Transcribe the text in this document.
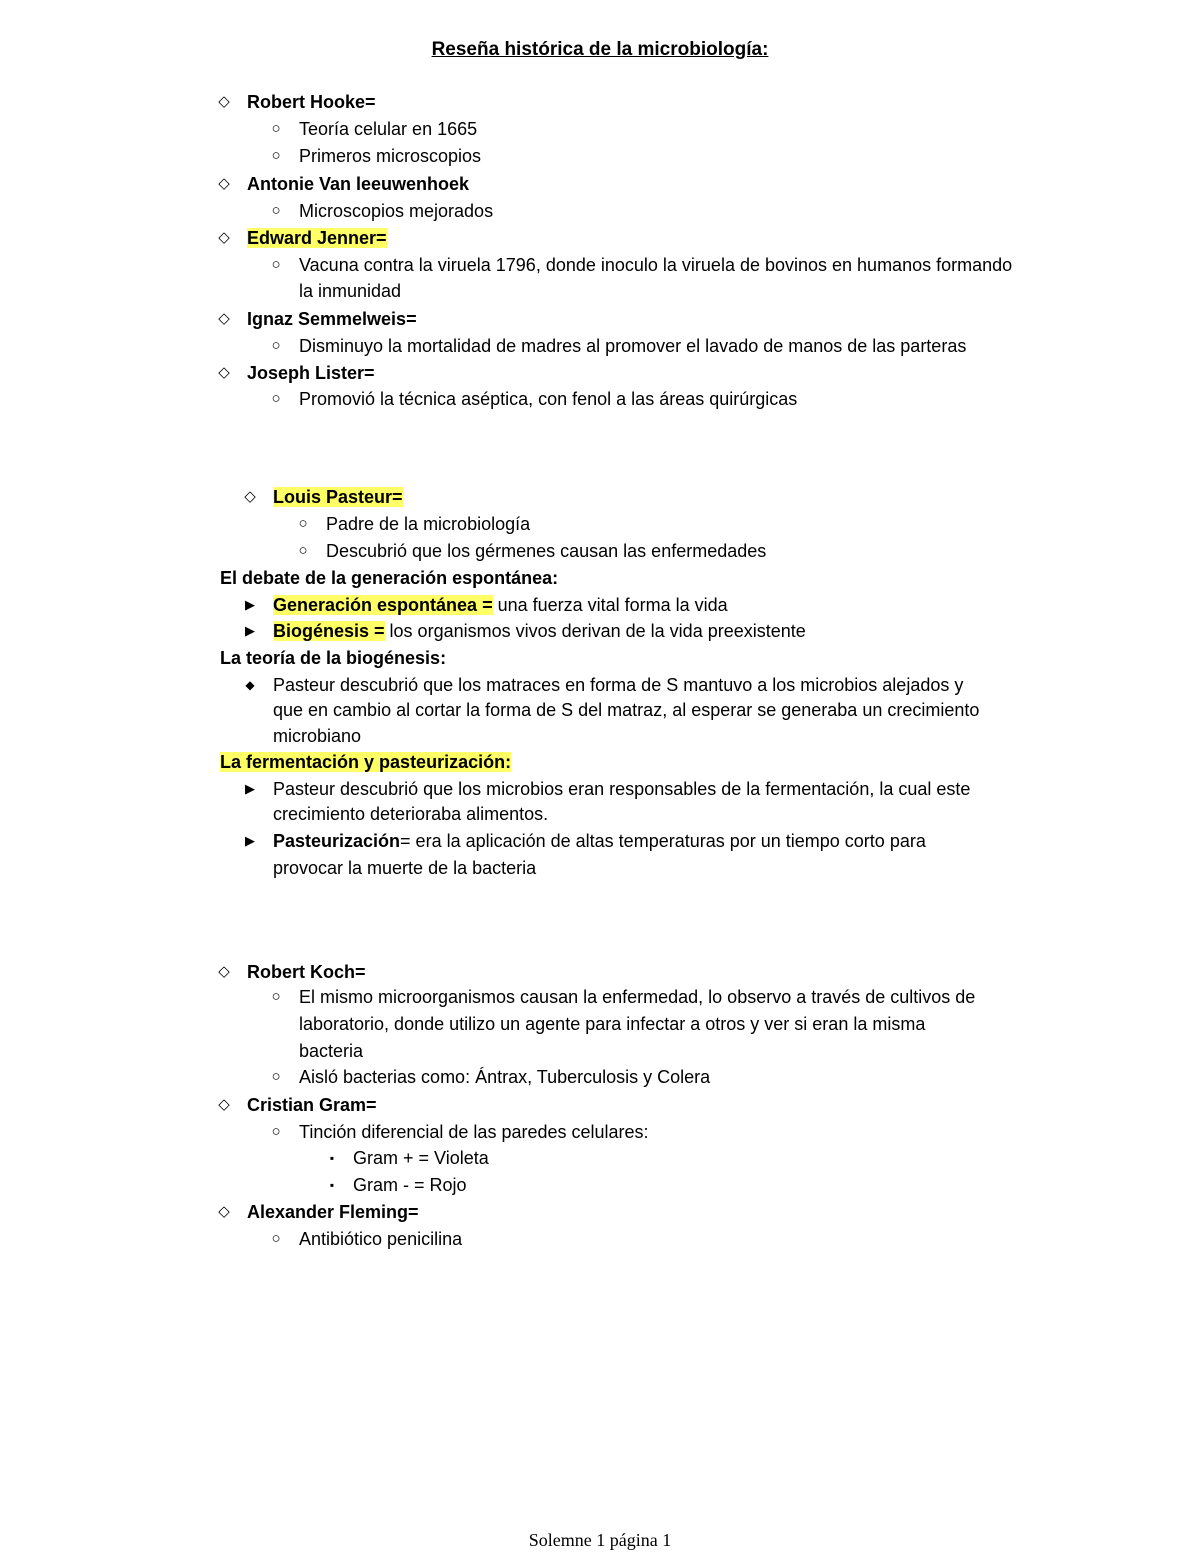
Reseña histórica de la microbiología:
◇ Robert Hooke=
○	Teoría celular en 1665
○	Primeros microscopios
◇ Antonie Van leeuwenhoek
○	Microscopios mejorados
◇ Edward Jenner=
○	Vacuna contra la viruela 1796, donde inoculo la viruela de bovinos en humanos formando
la inmunidad
◇ Ignaz Semmelweis=
○	Disminuyo la mortalidad de madres al promover el lavado de manos de las parteras
◇ Joseph Lister=
○	Promovió la técnica aséptica, con fenol a las áreas quirúrgicas
◇ Louis Pasteur=
○	Padre de la microbiología
○	Descubrió que los gérmenes causan las enfermedades
El debate de la generación espontánea:
▶ Generación espontánea = una fuerza vital forma la vida
▶ Biogénesis = los organismos vivos derivan de la vida preexistente
La teoría de la biogénesis:
◆ Pasteur descubrió que los matraces en forma de S mantuvo a los microbios alejados y
que en cambio al cortar la forma de S del matraz, al esperar se generaba un crecimiento
microbiano
La fermentación y pasteurización:
▶ Pasteur descubrió que los microbios eran responsables de la fermentación, la cual este
crecimiento deterioraba alimentos.
▶ Pasteurización= era la aplicación de altas temperaturas por un tiempo corto para
provocar la muerte de la bacteria
◇ Robert Koch=
○	El mismo microorganismos causan la enfermedad, lo observo a través de cultivos de
laboratorio, donde utilizo un agente para infectar a otros y ver si eran la misma
bacteria
○	Aisló bacterias como: Ántrax, Tuberculosis y Colera
◇ Cristian Gram=
○	Tinción diferencial de las paredes celulares:
▪	Gram + = Violeta
▪	Gram - = Rojo
◇ Alexander Fleming=
○	Antibiótico penicilina
Solemne 1 página 1
